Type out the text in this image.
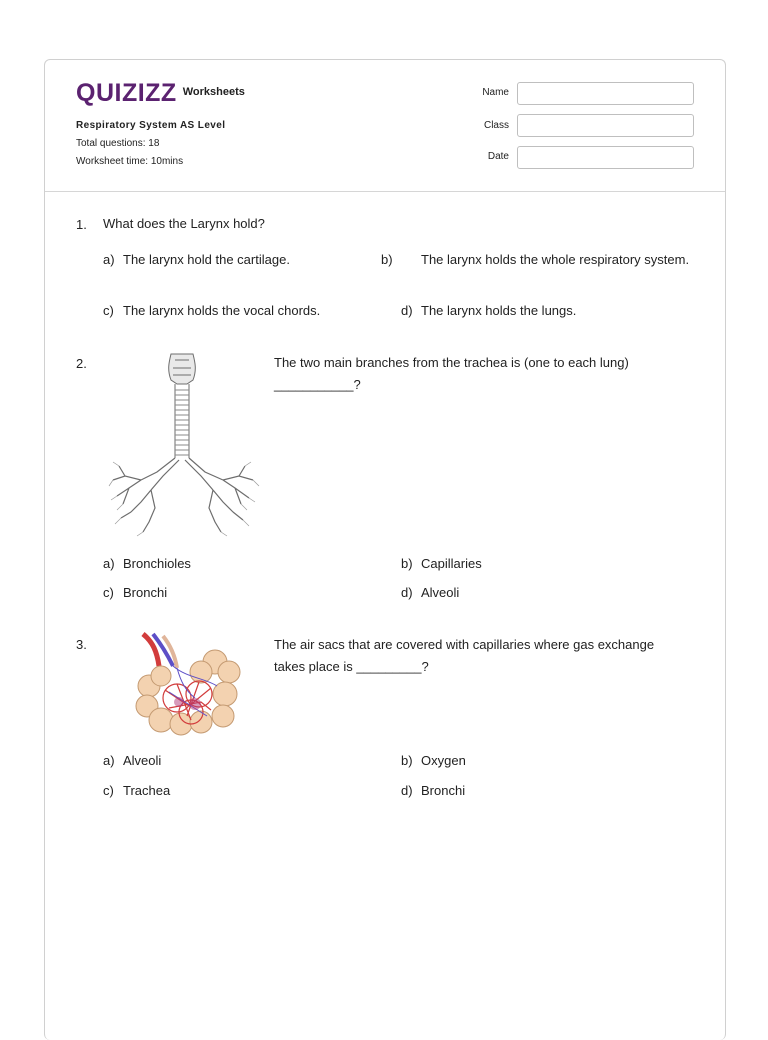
QUIZIZZ Worksheets
Respiratory System AS Level
Total questions: 18
Worksheet time: 10mins
Name
Class
Date
1. What does the Larynx hold?
a) The larynx hold the cartilage.	b) The larynx holds the whole respiratory system.
c) The larynx holds the vocal chords.	d) The larynx holds the lungs.
2.	The two main branches from the trachea is (one to each lung) ___________?
a) Bronchioles	b) Capillaries
c) Bronchi	d) Alveoli
3.	The air sacs that are covered with capillaries where gas exchange takes place is _________?
a) Alveoli	b) Oxygen
c) Trachea	d) Bronchi
